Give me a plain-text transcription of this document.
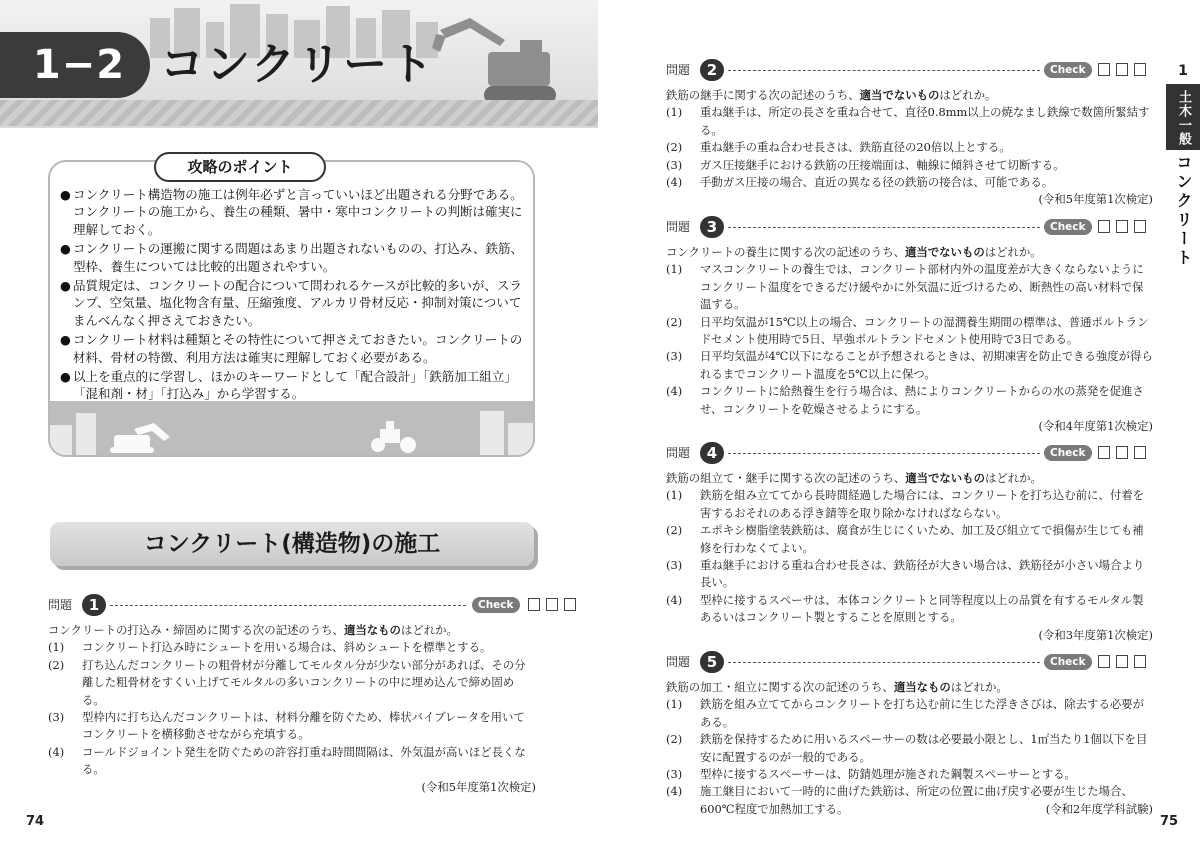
1−2 コンクリート
攻略のポイント
● コンクリート構造物の施工は例年必ずと言っていいほど出題される分野である。コンクリートの施工から、養生の種類、暑中・寒中コンクリートの判断は確実に理解しておく。
● コンクリートの運搬に関する問題はあまり出題されないものの、打込み、鉄筋、型枠、養生については比較的出題されやすい。
● 品質規定は、コンクリートの配合について問われるケースが比較的多いが、スランプ、空気量、塩化物含有量、圧縮強度、アルカリ骨材反応・抑制対策についてまんべんなく押さえておきたい。
● コンクリート材料は種類とその特性について押さえておきたい。コンクリートの材料、骨材の特徴、利用方法は確実に理解しておく必要がある。
● 以上を重点的に学習し、ほかのキーワードとして「配合設計」「鉄筋加工組立」「混和剤・材」「打込み」から学習する。
コンクリート(構造物)の施工
問題	1	Check
コンクリートの打込み・締固めに関する次の記述のうち、適当なものはどれか。
(1) コンクリート打込み時にシュートを用いる場合は、斜めシュートを標準とする。
(2) 打ち込んだコンクリートの粗骨材が分離してモルタル分が少ない部分があれば、その分離した粗骨材をすくい上げてモルタルの多いコンクリートの中に埋め込んで締め固める。
(3) 型枠内に打ち込んだコンクリートは、材料分離を防ぐため、棒状バイブレータを用いてコンクリートを横移動させながら充填する。
(4) コールドジョイント発生を防ぐための許容打重ね時間間隔は、外気温が高いほど長くなる。
(令和5年度第1次検定)
問題	2	Check
鉄筋の継手に関する次の記述のうち、適当でないものはどれか。
(1) 重ね継手は、所定の長さを重ね合せて、直径0.8mm以上の焼なまし鉄線で数箇所緊結する。
(2) 重ね継手の重ね合わせ長さは、鉄筋直径の20倍以上とする。
(3) ガス圧接継手における鉄筋の圧接端面は、軸線に傾斜させて切断する。
(4) 手動ガス圧接の場合、直近の異なる径の鉄筋の接合は、可能である。
(令和5年度第1次検定)
問題	3	Check
コンクリートの養生に関する次の記述のうち、適当でないものはどれか。
(1) マスコンクリートの養生では、コンクリート部材内外の温度差が大きくならないようにコンクリート温度をできるだけ緩やかに外気温に近づけるため、断熱性の高い材料で保温する。
(2) 日平均気温が15℃以上の場合、コンクリートの湿潤養生期間の標準は、普通ポルトランドセメント使用時で5日、早強ポルトランドセメント使用時で3日である。
(3) 日平均気温が4℃以下になることが予想されるときは、初期凍害を防止できる強度が得られるまでコンクリート温度を5℃以上に保つ。
(4) コンクリートに給熱養生を行う場合は、熱によりコンクリートからの水の蒸発を促進させ、コンクリートを乾燥させるようにする。
(令和4年度第1次検定)
問題	4	Check
鉄筋の組立て・継手に関する次の記述のうち、適当でないものはどれか。
(1) 鉄筋を組み立ててから長時間経過した場合には、コンクリートを打ち込む前に、付着を害するおそれのある浮き錆等を取り除かなければならない。
(2) エポキシ樹脂塗装鉄筋は、腐食が生じにくいため、加工及び組立てで損傷が生じても補修を行わなくてよい。
(3) 重ね継手における重ね合わせ長さは、鉄筋径が大きい場合は、鉄筋径が小さい場合より長い。
(4) 型枠に接するスペーサは、本体コンクリートと同等程度以上の品質を有するモルタル製あるいはコンクリート製とすることを原則とする。
(令和3年度第1次検定)
問題	5	Check
鉄筋の加工・組立に関する次の記述のうち、適当なものはどれか。
(1) 鉄筋を組み立ててからコンクリートを打ち込む前に生じた浮きさびは、除去する必要がある。
(2) 鉄筋を保持するために用いるスペーサーの数は必要最小限とし、1㎡当たり1個以下を目安に配置するのが一般的である。
(3) 型枠に接するスペーサーは、防錆処理が施された鋼製スペーサーとする。
(4) 施工継目において一時的に曲げた鉄筋は、所定の位置に曲げ戻す必要が生じた場合、600℃程度で加熱加工する。	(令和2年度学科試験)
1
土木一般
コンクリート
74	75
